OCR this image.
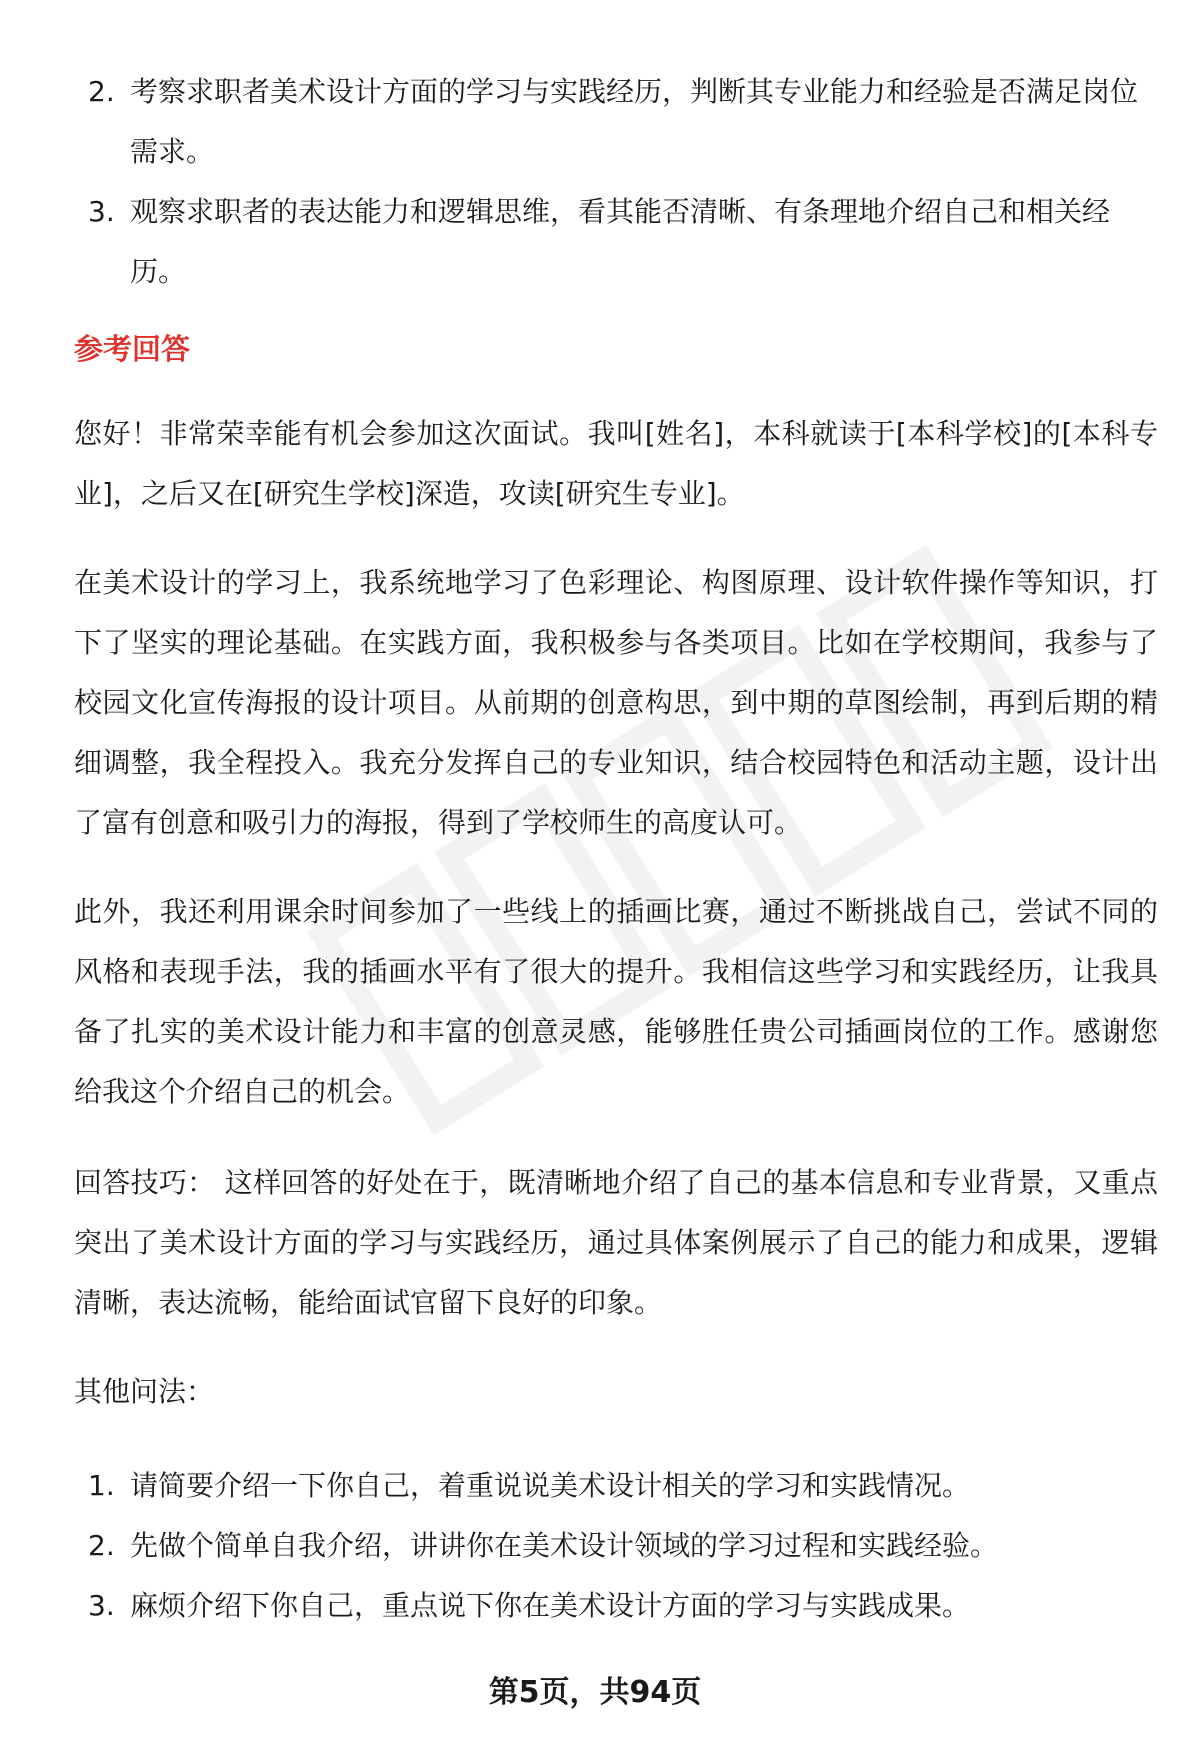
2. 考察求职者美术设计方面的学习与实践经历，判断其专业能力和经验是否满足岗位需求。
3. 观察求职者的表达能力和逻辑思维，看其能否清晰、有条理地介绍自己和相关经历。
参考回答

您好！非常荣幸能有机会参加这次面试。我叫[姓名]，本科就读于[本科学校]的[本科专业]，之后又在[研究生学校]深造，攻读[研究生专业]。

在美术设计的学习上，我系统地学习了色彩理论、构图原理、设计软件操作等知识，打下了坚实的理论基础。在实践方面，我积极参与各类项目。比如在学校期间，我参与了校园文化宣传海报的设计项目。从前期的创意构思，到中期的草图绘制，再到后期的精细调整，我全程投入。我充分发挥自己的专业知识，结合校园特色和活动主题，设计出了富有创意和吸引力的海报，得到了学校师生的高度认可。

此外，我还利用课余时间参加了一些线上的插画比赛，通过不断挑战自己，尝试不同的风格和表现手法，我的插画水平有了很大的提升。我相信这些学习和实践经历，让我具备了扎实的美术设计能力和丰富的创意灵感，能够胜任贵公司插画岗位的工作。感谢您给我这个介绍自己的机会。

回答技巧： 这样回答的好处在于，既清晰地介绍了自己的基本信息和专业背景，又重点突出了美术设计方面的学习与实践经历，通过具体案例展示了自己的能力和成果，逻辑清晰，表达流畅，能给面试官留下良好的印象。

其他问法：

1. 请简要介绍一下你自己，着重说说美术设计相关的学习和实践情况。
2. 先做个简单自我介绍，讲讲你在美术设计领域的学习过程和实践经验。
3. 麻烦介绍下你自己，重点说下你在美术设计方面的学习与实践成果。
第5页，共94页
